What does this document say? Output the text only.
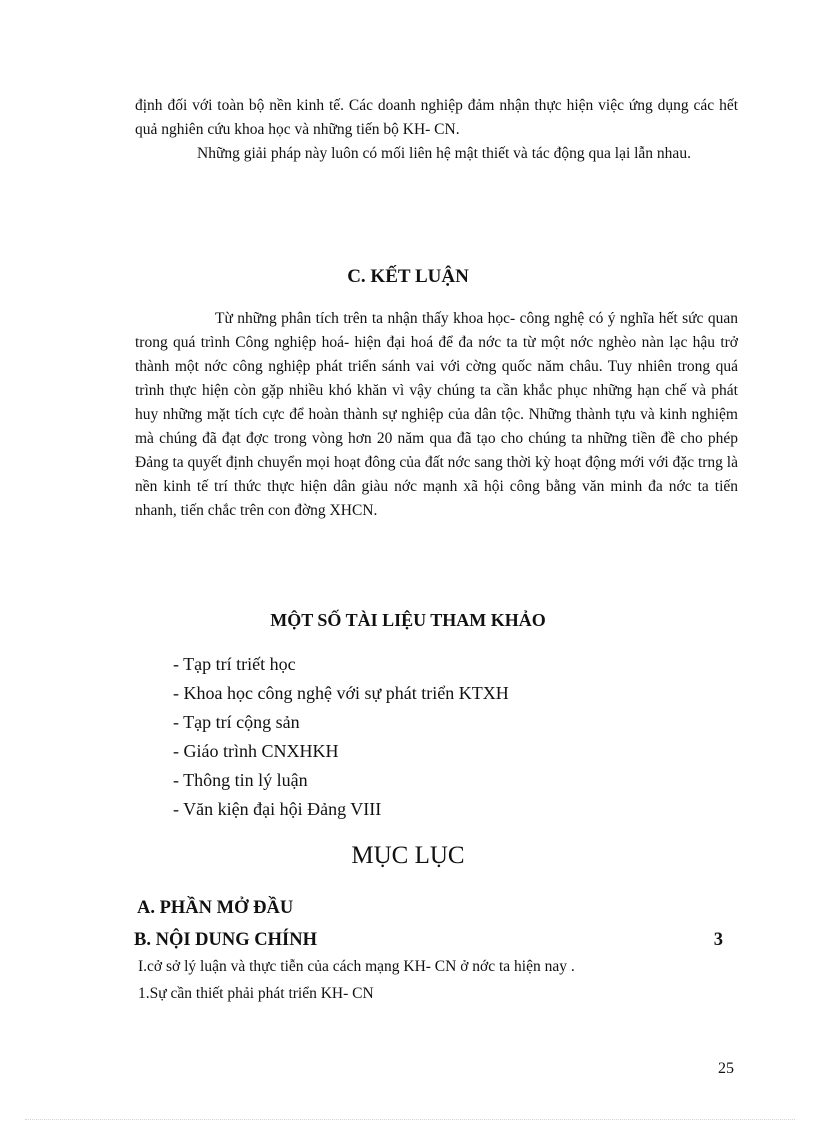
định đối với toàn bộ nền kinh tế. Các doanh nghiệp đảm nhận thực hiện việc ứng dụng các hết quả nghiên cứu khoa học và những tiến bộ KH- CN.

Những giải pháp này luôn có mối liên hệ mật thiết và tác động qua lại lẫn nhau.

C. KẾT LUẬN

Từ những phân tích trên ta nhận thấy khoa học- công nghệ có ý nghĩa hết sức quan trong quá trình Công nghiệp hoá- hiện đại hoá để đa nớc ta từ một nớc nghèo nàn lạc hậu trở thành một nớc công nghiệp phát triển sánh vai với cờng quốc năm châu. Tuy nhiên trong quá trình thực hiện còn gặp nhiều khó khăn vì vậy chúng ta cần khắc phục những hạn chế và phát huy những mặt tích cực để hoàn thành sự nghiệp của dân tộc. Những thành tựu và kinh nghiệm mà chúng đã đạt đợc trong vòng hơn 20 năm qua đã tạo cho chúng ta những tiền đề cho phép Đảng ta quyết định chuyển mọi hoạt đông của đất nớc sang thời kỳ hoạt động mới với đặc trng là nền kinh tế trí thức thực hiện dân giàu nớc mạnh xã hội công bằng văn minh đa nớc ta tiến nhanh, tiến chắc trên con đờng XHCN.

MỘT SỐ TÀI LIỆU THAM KHẢO
- Tạp trí triết học
- Khoa học công nghệ với sự phát triển KTXH
- Tạp trí cộng sản
- Giáo trình CNXHKH
- Thông tin lý luận
- Văn kiện đại hội Đảng VIII
MỤC LỤC
A. PHẦN MỞ ĐẦU
B. NỘI DUNG CHÍNH	3
I.cở sở lý luận và thực tiễn của cách mạng KH- CN ở nớc ta hiện nay .
1.Sự cần thiết phải phát triển KH- CN
25
